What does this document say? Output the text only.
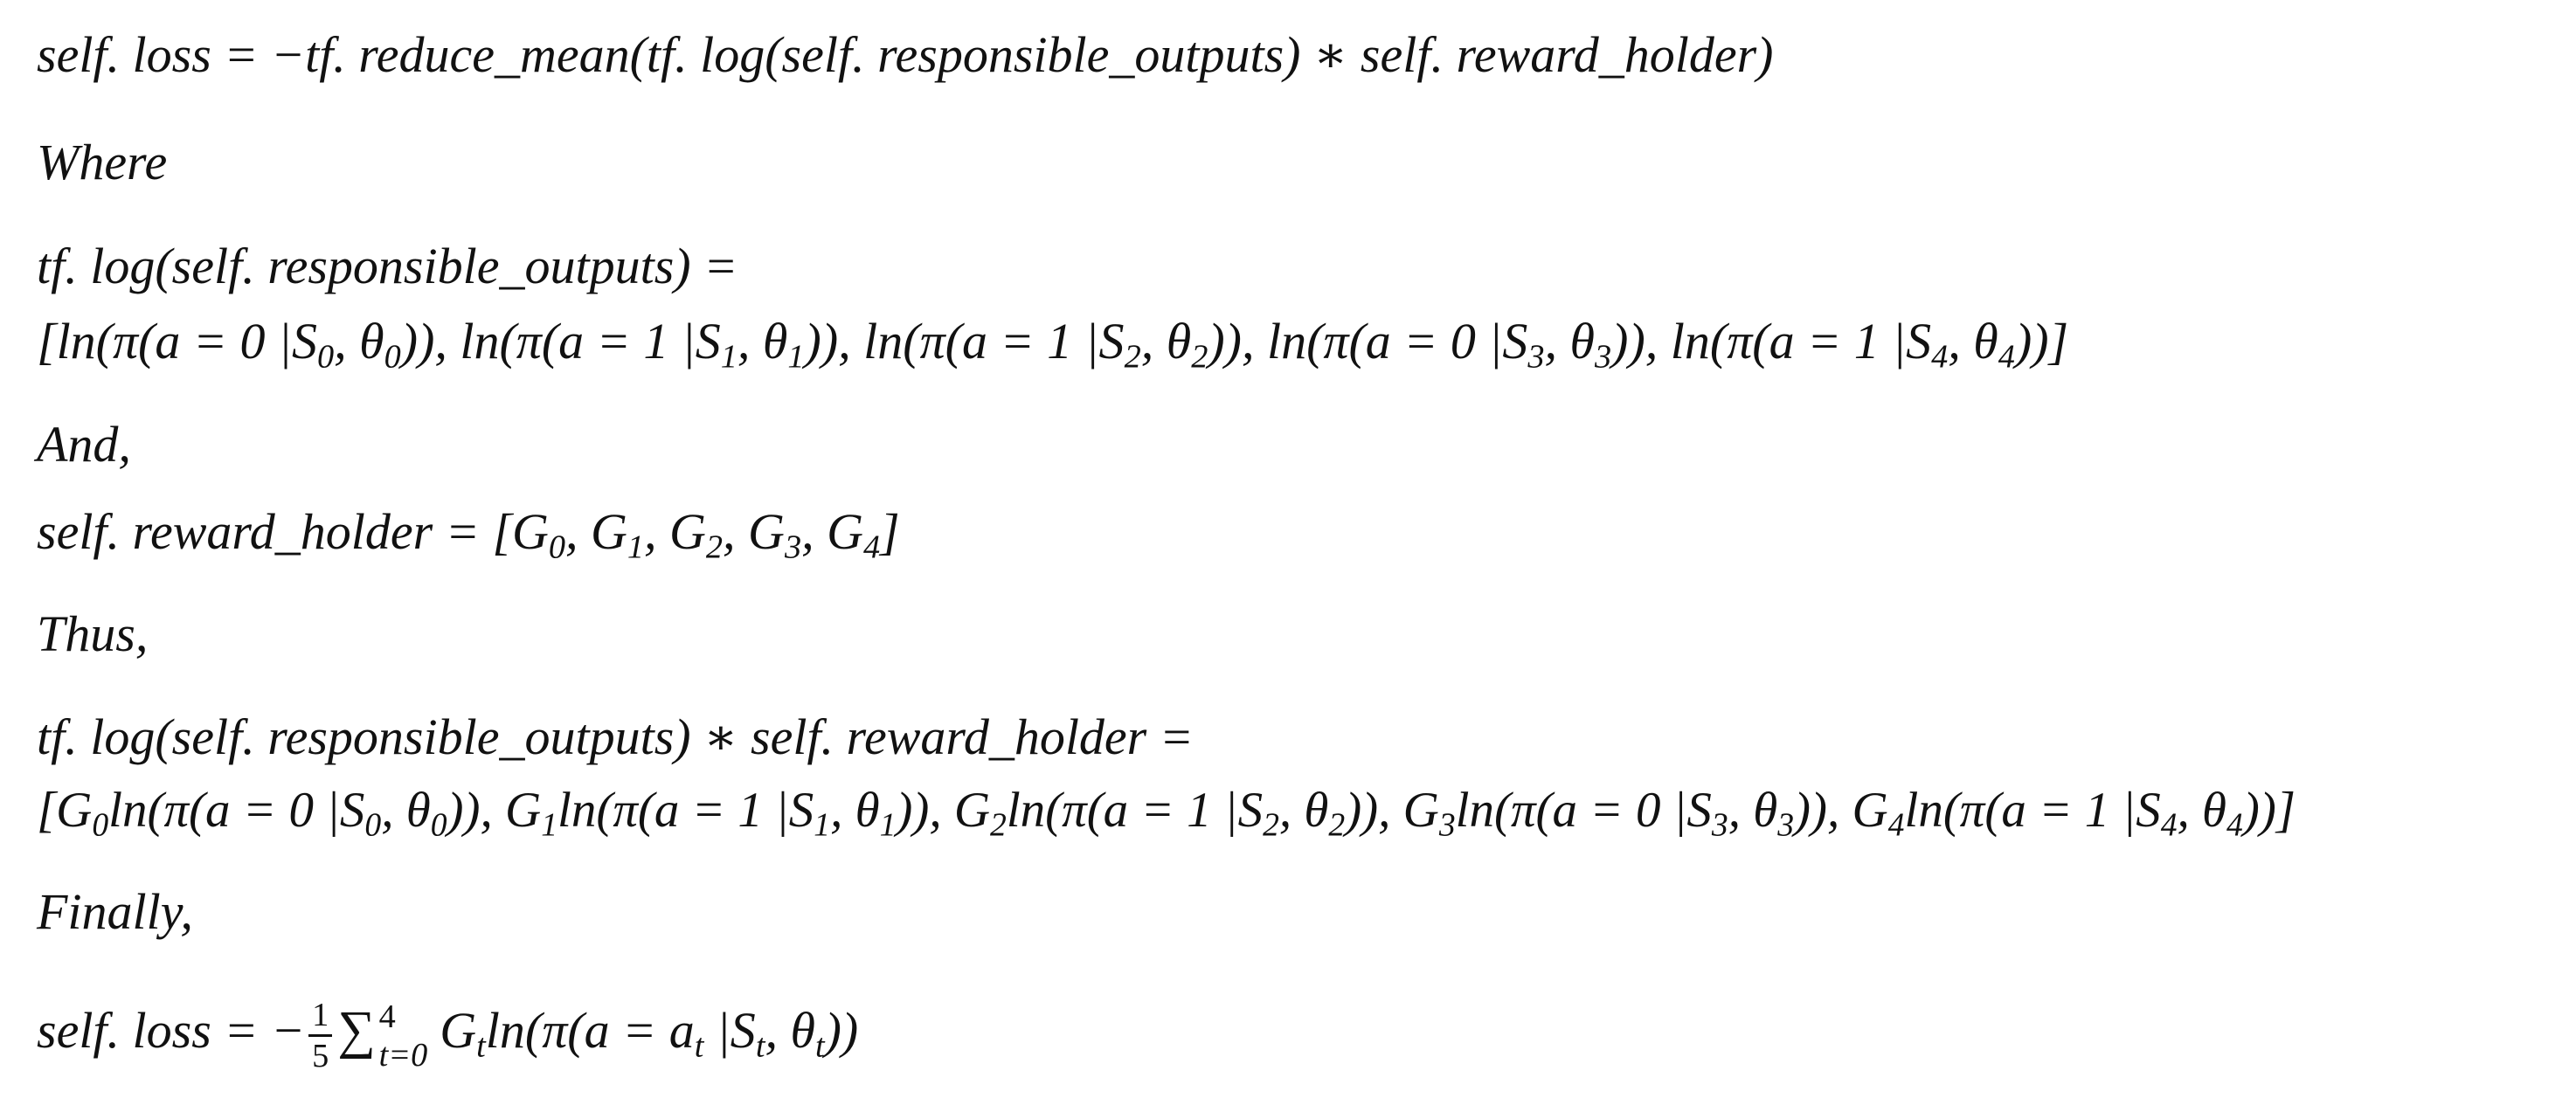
self. loss = −tf. reduce_mean(tf. log(self. responsible_outputs) ∗ self. reward_holder)
Where
tf. log(self. responsible_outputs) =
[ln(π(a = 0 $|S_0$, $\theta_0$)), ln(π(a = 1 $|S_1$, $\theta_1$)), ln(π(a = 1 $|S_2$, $\theta_2$)), ln(π(a = 0 $|S_3$, $\theta_3$)), ln(π(a = 1 $|S_4$, $\theta_4$))]
And,
self. reward_holder = [$G_0$, $G_1$, $G_2$, $G_3$, $G_4$]
Thus,
tf. log(self. responsible_outputs) ∗ self. reward_holder =
[$G_0\ln(\pi(a = 0$ $|S_0$, $\theta_0$)), $G_1\ln(\pi(a = 1$ $|S_1$, $\theta_1$)), $G_2\ln(\pi(a = 1$ $|S_2$, $\theta_2$)), $G_3\ln(\pi(a = 0$ $|S_3$, $\theta_3$)), $G_4\ln(\pi(a = 1$ $|S_4$, $\theta_4$))]
Finally,
self. loss = − $\frac{1}{5}$ ∑ 4
t=0 $G_t\ln(\pi(a = a_t$ $|S_t$, $\theta_t$))
